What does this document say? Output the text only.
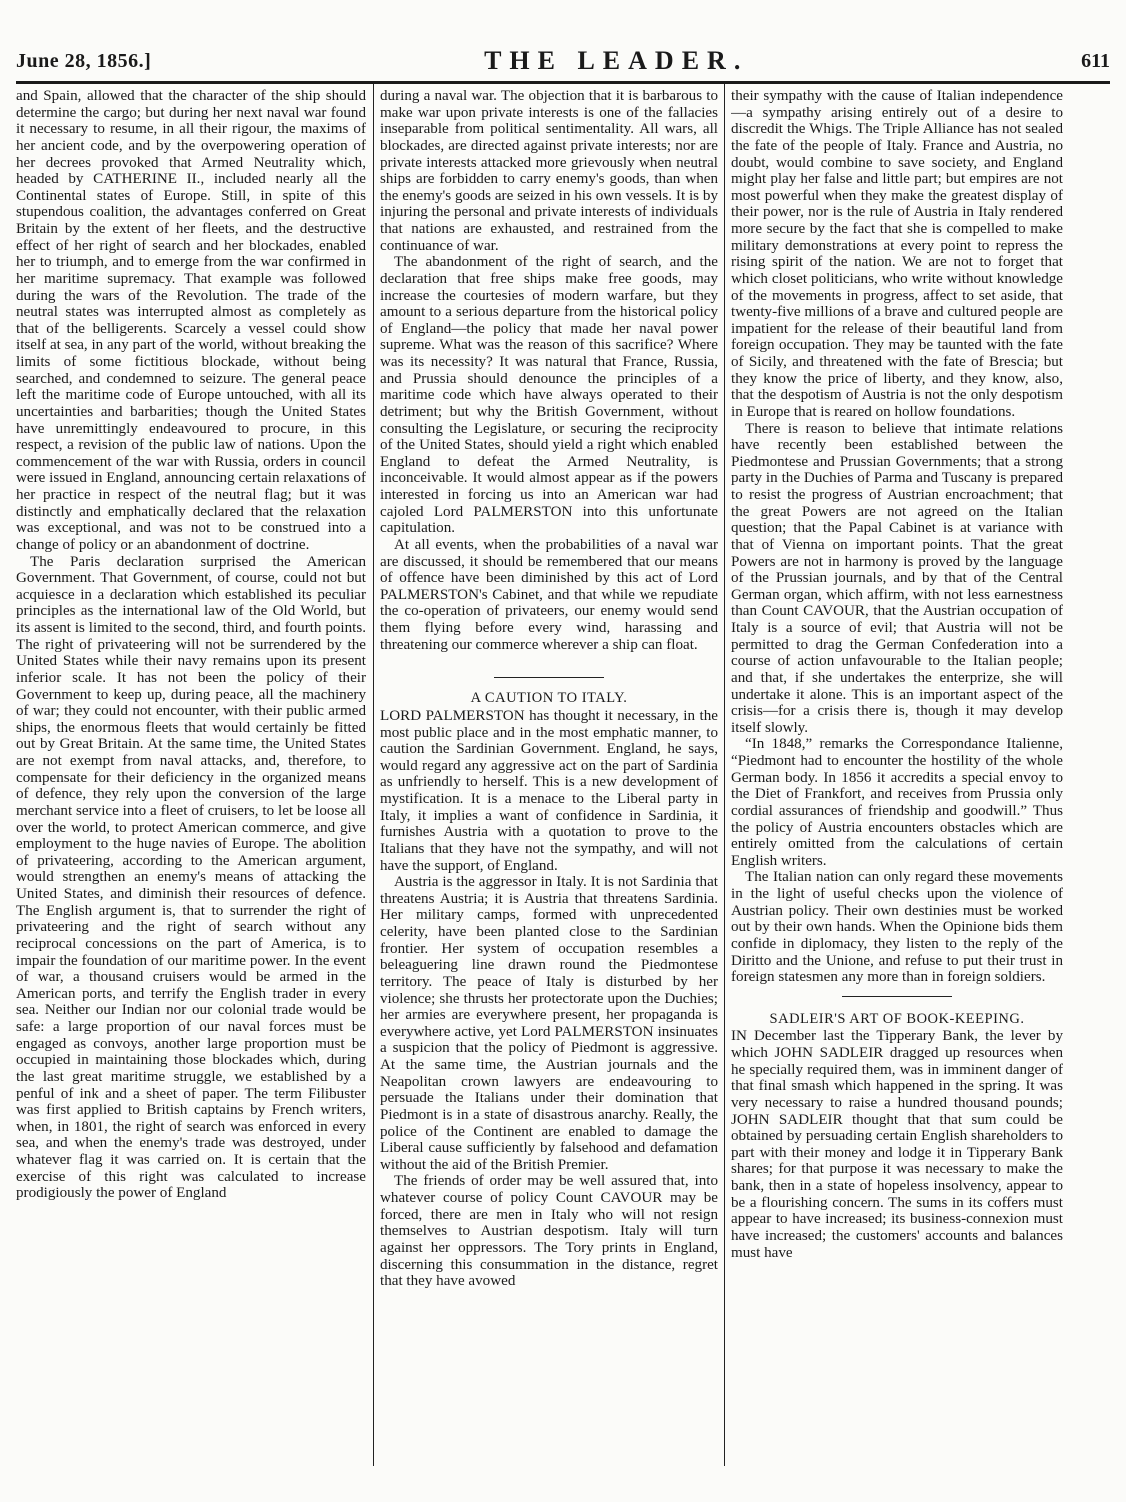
June 28, 1856.]	THE LEADER.	611

and Spain, allowed that the character of the ship should determine the cargo; but during her next naval war found it necessary to resume, in all their rigour, the maxims of her ancient code, and by the overpowering operation of her decrees provoked that Armed Neutrality which, headed by CATHERINE II., included nearly all the Continental states of Europe. Still, in spite of this stupendous coalition, the advantages conferred on Great Britain by the extent of her fleets, and the destructive effect of her right of search and her blockades, enabled her to triumph, and to emerge from the war confirmed in her maritime supremacy. That example was followed during the wars of the Revolution. The trade of the neutral states was interrupted almost as completely as that of the belligerents. Scarcely a vessel could show itself at sea, in any part of the world, without breaking the limits of some fictitious blockade, without being searched, and condemned to seizure. The general peace left the maritime code of Europe untouched, with all its uncertainties and barbarities; though the United States have unremittingly endeavoured to procure, in this respect, a revision of the public law of nations. Upon the commencement of the war with Russia, orders in council were issued in England, announcing certain relaxations of her practice in respect of the neutral flag; but it was distinctly and emphatically declared that the relaxation was exceptional, and was not to be construed into a change of policy or an abandonment of doctrine.

The Paris declaration surprised the American Government. That Government, of course, could not but acquiesce in a declaration which established its peculiar principles as the international law of the Old World, but its assent is limited to the second, third, and fourth points. The right of privateering will not be surrendered by the United States while their navy remains upon its present inferior scale. It has not been the policy of their Government to keep up, during peace, all the machinery of war; they could not encounter, with their public armed ships, the enormous fleets that would certainly be fitted out by Great Britain. At the same time, the United States are not exempt from naval attacks, and, therefore, to compensate for their deficiency in the organized means of defence, they rely upon the conversion of the large merchant service into a fleet of cruisers, to let be loose all over the world, to protect American commerce, and give employment to the huge navies of Europe. The abolition of privateering, according to the American argument, would strengthen an enemy's means of attacking the United States, and diminish their resources of defence. The English argument is, that to surrender the right of privateering and the right of search without any reciprocal concessions on the part of America, is to impair the foundation of our maritime power. In the event of war, a thousand cruisers would be armed in the American ports, and terrify the English trader in every sea. Neither our Indian nor our colonial trade would be safe: a large proportion of our naval forces must be engaged as convoys, another large proportion must be occupied in maintaining those blockades which, during the last great maritime struggle, we established by a penful of ink and a sheet of paper. The term Filibuster was first applied to British captains by French writers, when, in 1801, the right of search was enforced in every sea, and when the enemy's trade was destroyed, under whatever flag it was carried on. It is certain that the exercise of this right was calculated to increase prodigiously the power of England

during a naval war. The objection that it is barbarous to make war upon private interests is one of the fallacies inseparable from political sentimentality. All wars, all blockades, are directed against private interests; nor are private interests attacked more grievously when neutral ships are forbidden to carry enemy's goods, than when the enemy's goods are seized in his own vessels. It is by injuring the personal and private interests of individuals that nations are exhausted, and restrained from the continuance of war.

The abandonment of the right of search, and the declaration that free ships make free goods, may increase the courtesies of modern warfare, but they amount to a serious departure from the historical policy of England—the policy that made her naval power supreme. What was the reason of this sacrifice? Where was its necessity? It was natural that France, Russia, and Prussia should denounce the principles of a maritime code which have always operated to their detriment; but why the British Government, without consulting the Legislature, or securing the reciprocity of the United States, should yield a right which enabled England to defeat the Armed Neutrality, is inconceivable. It would almost appear as if the powers interested in forcing us into an American war had cajoled Lord PALMERSTON into this unfortunate capitulation.

At all events, when the probabilities of a naval war are discussed, it should be remembered that our means of offence have been diminished by this act of Lord PALMERSTON's Cabinet, and that while we repudiate the co-operation of privateers, our enemy would send them flying before every wind, harassing and threatening our commerce wherever a ship can float.

A CAUTION TO ITALY.

LORD PALMERSTON has thought it necessary, in the most public place and in the most emphatic manner, to caution the Sardinian Government. England, he says, would regard any aggressive act on the part of Sardinia as unfriendly to herself. This is a new development of mystification. It is a menace to the Liberal party in Italy, it implies a want of confidence in Sardinia, it furnishes Austria with a quotation to prove to the Italians that they have not the sympathy, and will not have the support, of England.

Austria is the aggressor in Italy. It is not Sardinia that threatens Austria; it is Austria that threatens Sardinia. Her military camps, formed with unprecedented celerity, have been planted close to the Sardinian frontier. Her system of occupation resembles a beleaguering line drawn round the Piedmontese territory. The peace of Italy is disturbed by her violence; she thrusts her protectorate upon the Duchies; her armies are everywhere present, her propaganda is everywhere active, yet Lord PALMERSTON insinuates a suspicion that the policy of Piedmont is aggressive. At the same time, the Austrian journals and the Neapolitan crown lawyers are endeavouring to persuade the Italians under their domination that Piedmont is in a state of disastrous anarchy. Really, the police of the Continent are enabled to damage the Liberal cause sufficiently by falsehood and defamation without the aid of the British Premier.

The friends of order may be well assured that, into whatever course of policy Count CAVOUR may be forced, there are men in Italy who will not resign themselves to Austrian despotism. Italy will turn against her oppressors. The Tory prints in England, discerning this consummation in the distance, regret that they have avowed

their sympathy with the cause of Italian independence—a sympathy arising entirely out of a desire to discredit the Whigs. The Triple Alliance has not sealed the fate of the people of Italy. France and Austria, no doubt, would combine to save society, and England might play her false and little part; but empires are not most powerful when they make the greatest display of their power, nor is the rule of Austria in Italy rendered more secure by the fact that she is compelled to make military demonstrations at every point to repress the rising spirit of the nation. We are not to forget that which closet politicians, who write without knowledge of the movements in progress, affect to set aside, that twenty-five millions of a brave and cultured people are impatient for the release of their beautiful land from foreign occupation. They may be taunted with the fate of Sicily, and threatened with the fate of Brescia; but they know the price of liberty, and they know, also, that the despotism of Austria is not the only despotism in Europe that is reared on hollow foundations.

There is reason to believe that intimate relations have recently been established between the Piedmontese and Prussian Governments; that a strong party in the Duchies of Parma and Tuscany is prepared to resist the progress of Austrian encroachment; that the great Powers are not agreed on the Italian question; that the Papal Cabinet is at variance with that of Vienna on important points. That the great Powers are not in harmony is proved by the language of the Prussian journals, and by that of the Central German organ, which affirm, with not less earnestness than Count CAVOUR, that the Austrian occupation of Italy is a source of evil; that Austria will not be permitted to drag the German Confederation into a course of action unfavourable to the Italian people; and that, if she undertakes the enterprize, she will undertake it alone. This is an important aspect of the crisis—for a crisis there is, though it may develop itself slowly.

“In 1848,” remarks the Correspondance Italienne, “Piedmont had to encounter the hostility of the whole German body. In 1856 it accredits a special envoy to the Diet of Frankfort, and receives from Prussia only cordial assurances of friendship and goodwill.” Thus the policy of Austria encounters obstacles which are entirely omitted from the calculations of certain English writers.

The Italian nation can only regard these movements in the light of useful checks upon the violence of Austrian policy. Their own destinies must be worked out by their own hands. When the Opinione bids them confide in diplomacy, they listen to the reply of the Diritto and the Unione, and refuse to put their trust in foreign statesmen any more than in foreign soldiers.

SADLEIR'S ART OF BOOK-KEEPING.

IN December last the Tipperary Bank, the lever by which JOHN SADLEIR dragged up resources when he specially required them, was in imminent danger of that final smash which happened in the spring. It was very necessary to raise a hundred thousand pounds; JOHN SADLEIR thought that that sum could be obtained by persuading certain English shareholders to part with their money and lodge it in Tipperary Bank shares; for that purpose it was necessary to make the bank, then in a state of hopeless insolvency, appear to be a flourishing concern. The sums in its coffers must appear to have increased; its business-connexion must have increased; the customers' accounts and balances must have
